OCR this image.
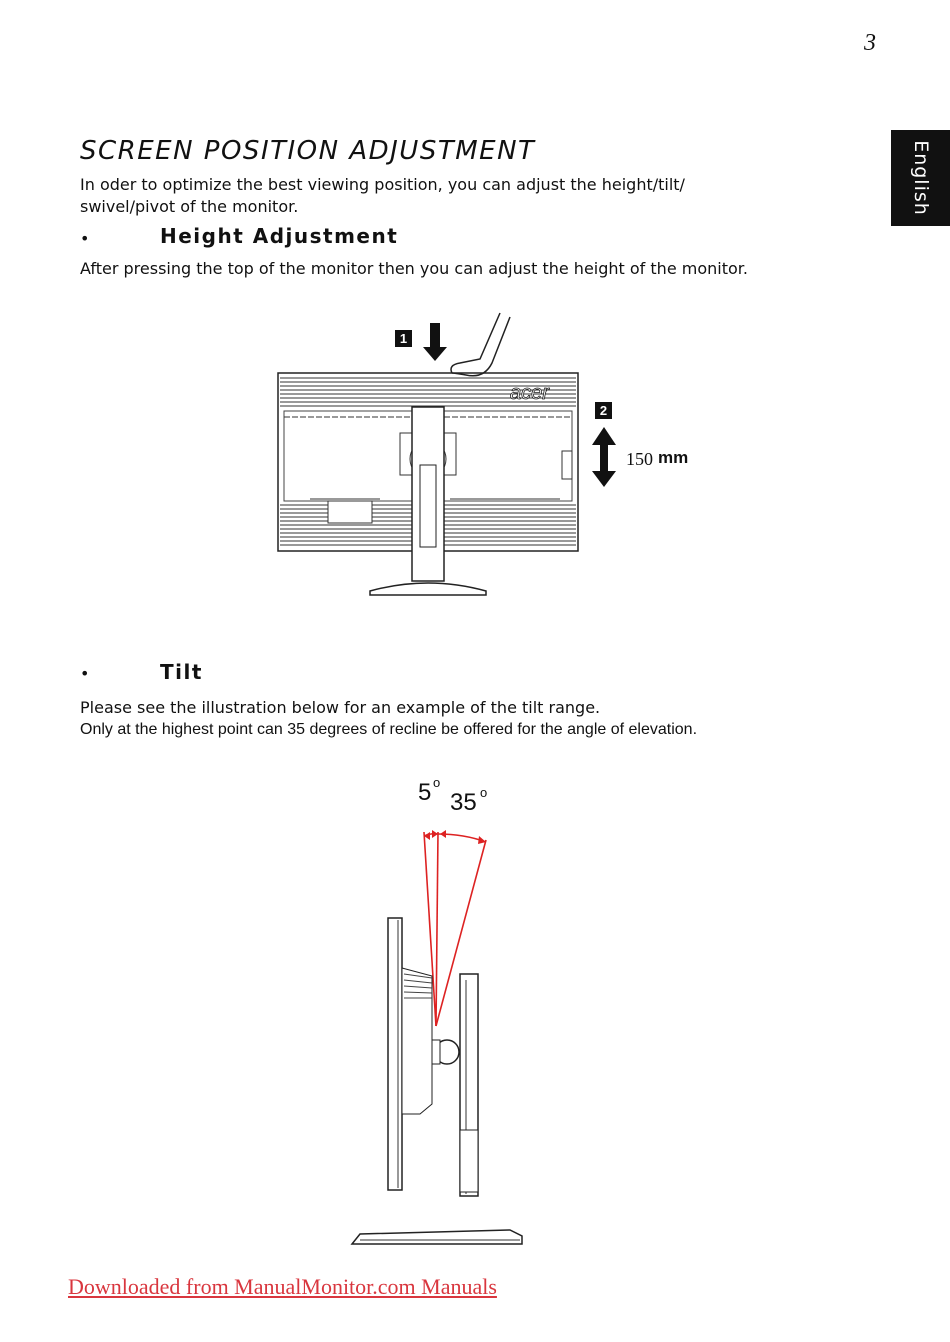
3
English
SCREEN POSITION ADJUSTMENT
In oder to optimize the best viewing position, you can adjust the height/tilt/ swivel/pivot of the monitor.
•	Height Adjustment
After pressing the top of the monitor then you can adjust the height of the monitor.
acer
1
2
150 mm
•	Tilt
Please see the illustration below for an example of the tilt range.
Only at the highest point can 35 degrees of recline be offered for the angle of elevation.
5 o
35 o
Downloaded from ManualMonitor.com Manuals
